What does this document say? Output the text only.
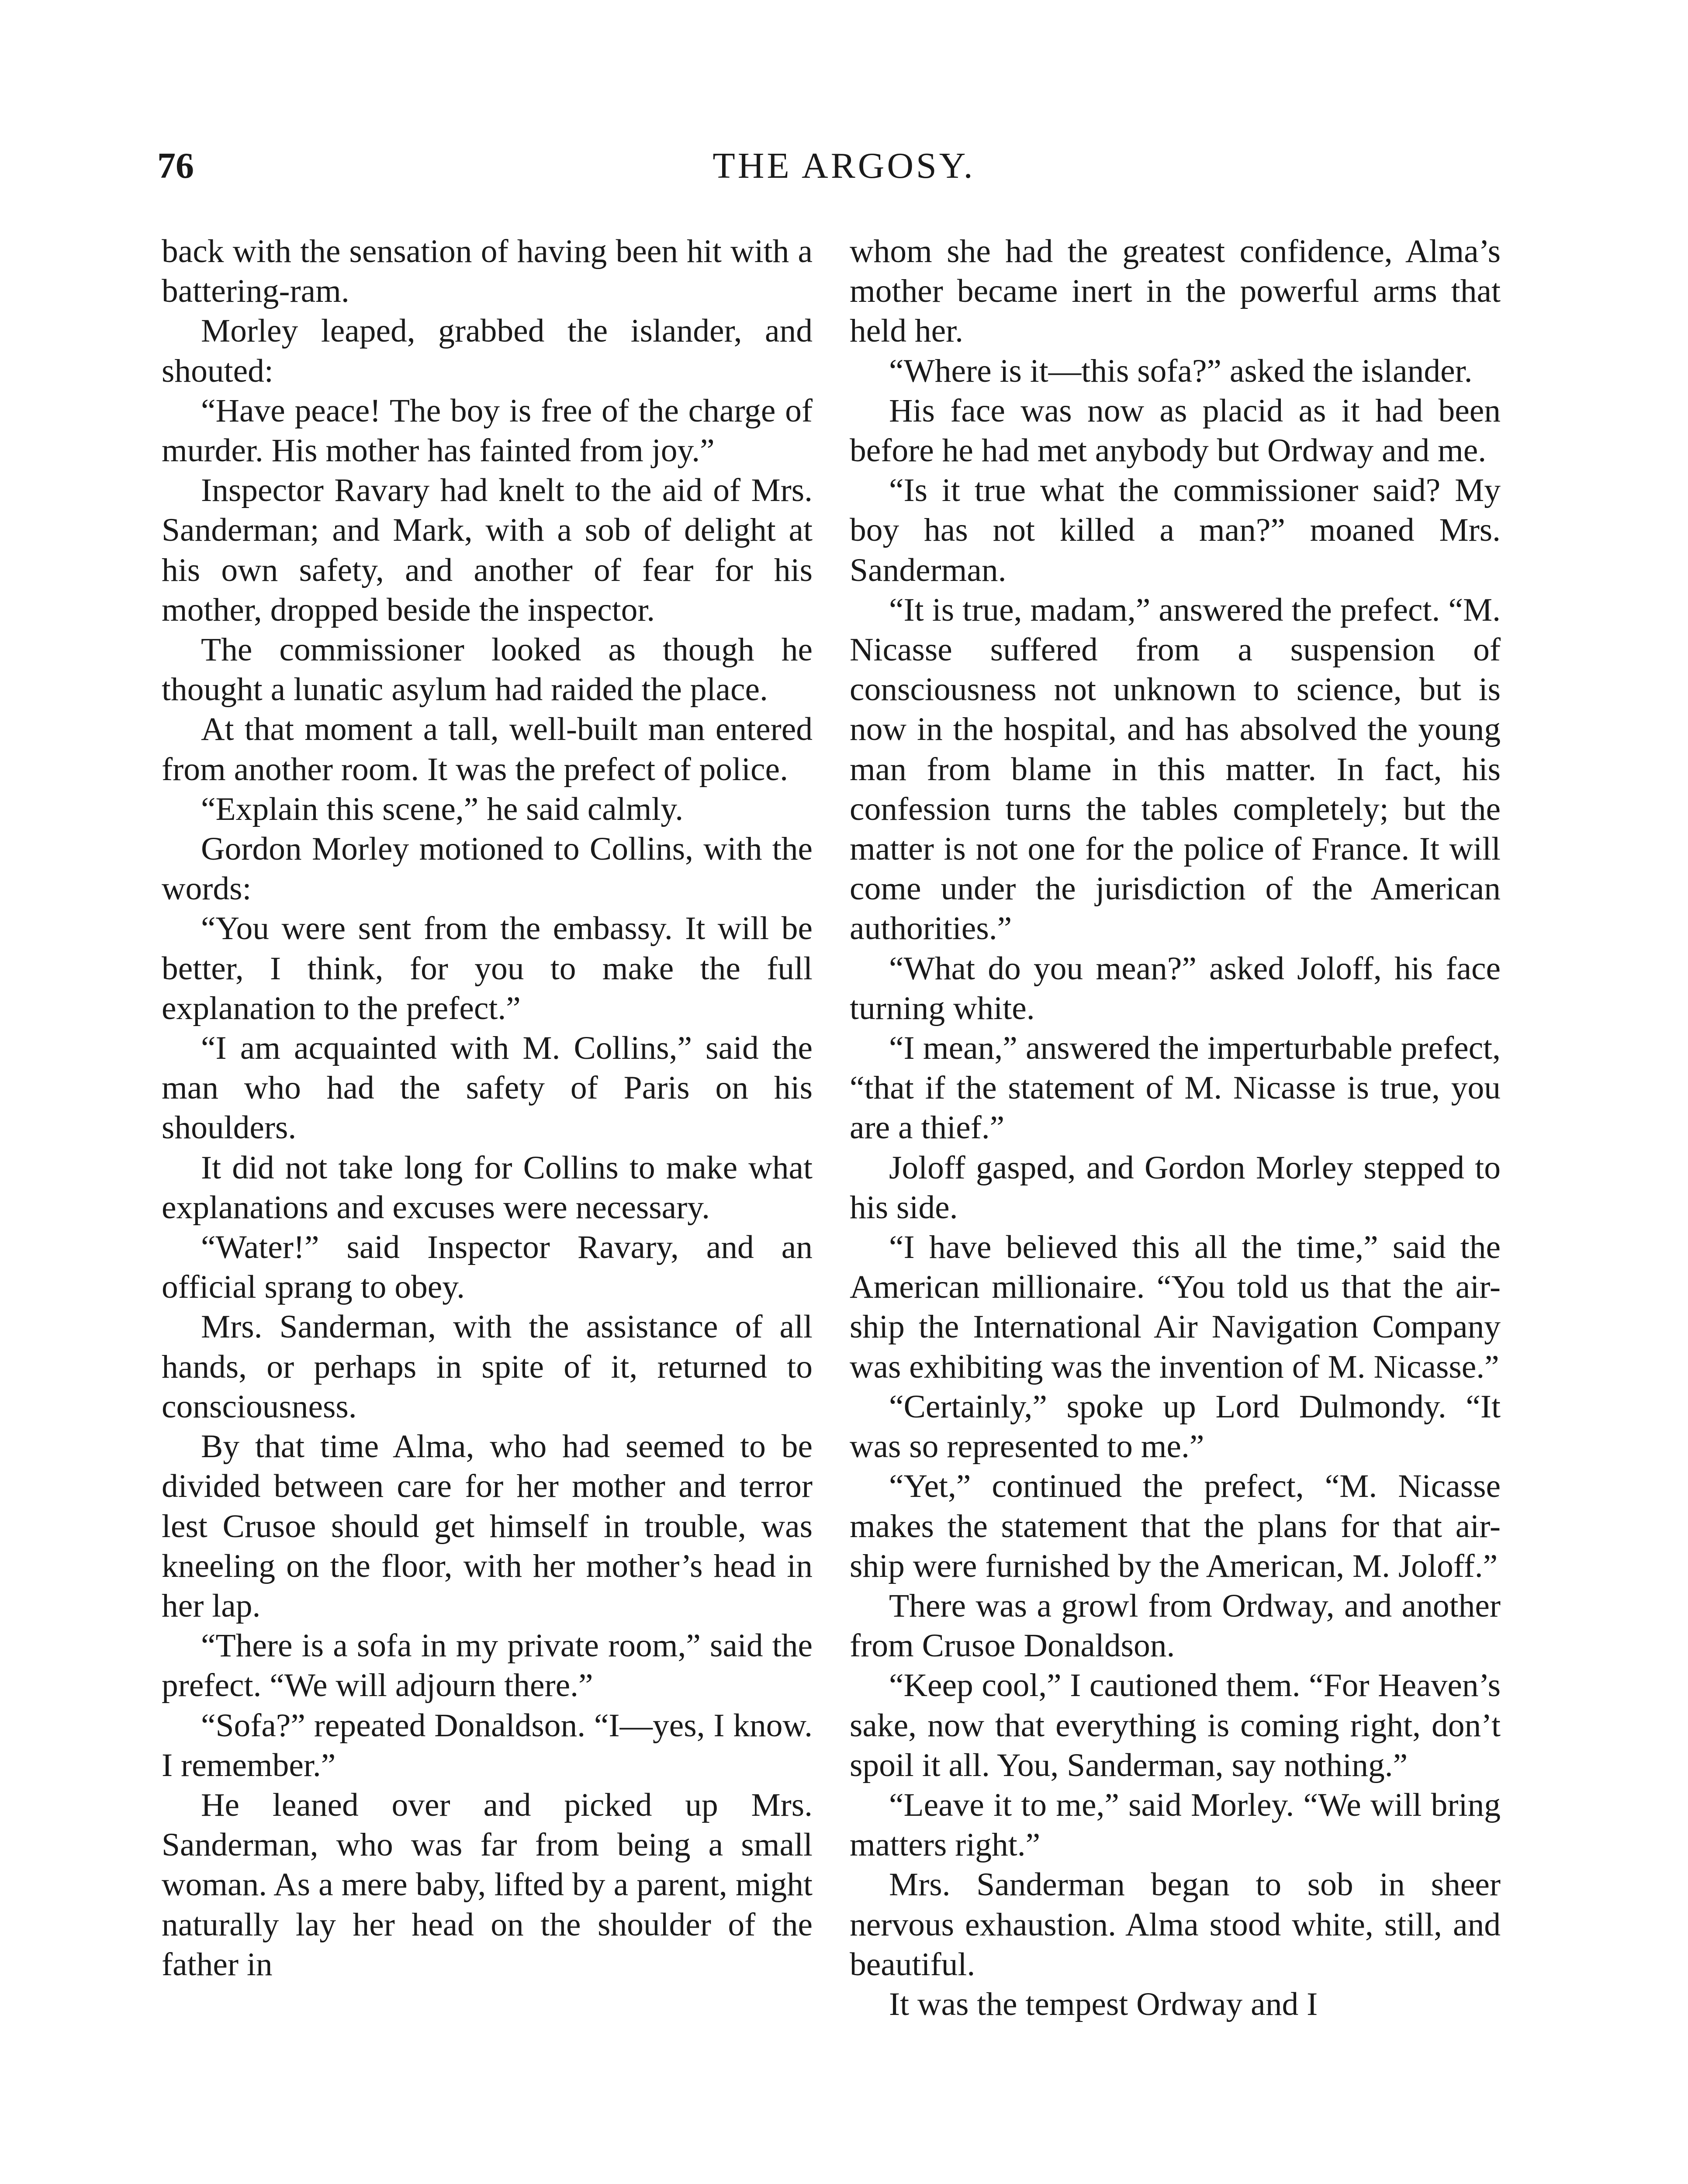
THE ARGOSY.
76

back with the sensation of having been hit with a battering-ram.

Morley leaped, grabbed the islander, and shouted:

“Have peace! The boy is free of the charge of murder. His mother has fainted from joy.”

Inspector Ravary had knelt to the aid of Mrs. Sanderman; and Mark, with a sob of delight at his own safety, and another of fear for his mother, dropped beside the inspector.

The commissioner looked as though he thought a lunatic asylum had raided the place.

At that moment a tall, well-built man entered from another room. It was the prefect of police.

“Explain this scene,” he said calmly.

Gordon Morley motioned to Collins, with the words:

“You were sent from the embassy. It will be better, I think, for you to make the full explanation to the prefect.”

“I am acquainted with M. Collins,” said the man who had the safety of Paris on his shoulders.

It did not take long for Collins to make what explanations and excuses were necessary.

“Water!” said Inspector Ravary, and an official sprang to obey.

Mrs. Sanderman, with the assistance of all hands, or perhaps in spite of it, returned to consciousness.

By that time Alma, who had seemed to be divided between care for her mother and terror lest Crusoe should get himself in trouble, was kneeling on the floor, with her mother’s head in her lap.

“There is a sofa in my private room,” said the prefect. “We will adjourn there.”

“Sofa?” repeated Donaldson. “I—yes, I know. I remember.”

He leaned over and picked up Mrs. Sanderman, who was far from being a small woman. As a mere baby, lifted by a parent, might naturally lay her head on the shoulder of the father in

whom she had the greatest confidence, Alma’s mother became inert in the powerful arms that held her.

“Where is it—this sofa?” asked the islander.

His face was now as placid as it had been before he had met anybody but Ordway and me.

“Is it true what the commissioner said? My boy has not killed a man?” moaned Mrs. Sanderman.

“It is true, madam,” answered the prefect. “M. Nicasse suffered from a suspension of consciousness not unknown to science, but is now in the hospital, and has absolved the young man from blame in this matter. In fact, his confession turns the tables completely; but the matter is not one for the police of France. It will come under the jurisdiction of the American authorities.”

“What do you mean?” asked Joloff, his face turning white.

“I mean,” answered the imperturbable prefect, “that if the statement of M. Nicasse is true, you are a thief.”

Joloff gasped, and Gordon Morley stepped to his side.

“I have believed this all the time,” said the American millionaire. “You told us that the air-ship the International Air Navigation Company was exhibiting was the invention of M. Nicasse.”

“Certainly,” spoke up Lord Dulmondy. “It was so represented to me.”

“Yet,” continued the prefect, “M. Nicasse makes the statement that the plans for that air-ship were furnished by the American, M. Joloff.”

There was a growl from Ordway, and another from Crusoe Donaldson.

“Keep cool,” I cautioned them. “For Heaven’s sake, now that everything is coming right, don’t spoil it all. You, Sanderman, say nothing.”

“Leave it to me,” said Morley. “We will bring matters right.”

Mrs. Sanderman began to sob in sheer nervous exhaustion. Alma stood white, still, and beautiful.

It was the tempest Ordway and I
